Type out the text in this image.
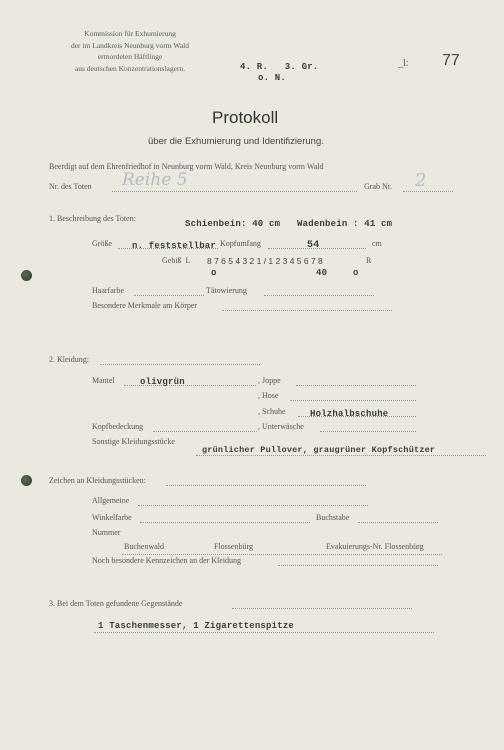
Kommission für Exhumierung
der im Landkreis Neunburg vorm Wald
ermordeten Häftlinge
aus deutschen Konzentrationslagern.	4. R.   3. Gr.
o. N.
_l: 77
Protokoll
über die Exhumierung und Identifizierung.
Beerdigt auf dem Ehrenfriedhof in Neunburg vorm Wald, Kreis Neunburg vorm Wald
Nr. des Toten Reihe 5	Grab Nr. 2
1. Beschreibung des Toten:
Schienbein: 40 cm   Wadenbein : 41 cm
Größe n. feststellbar Kopfumfang	54	cm
Gebiß  L 8 7 6 5 4 3 2 1 / 1 2 3 4 5 6 7 8	R
o	40	o
Haarfarbe	Tätowierung
Besondere Merkmale am Körper
2. Kleidung:
Mantel	olivgrün	, Joppe
, Hose
, Schuhe	Holzhalbschuhe
Kopfbedeckung	, Unterwäsche
Sonstige Kleidungsstücke
grünlicher Pullover, graugrüner Kopfschützer
Zeichen an Kleidungsstücken:
Allgemeine
Winkelfarbe	Buchstabe
Nummer
Buchenwald	Flossenbürg	Evakuierungs-Nr. Flossenbürg
Noch besondere Kennzeichen an der Kleidung
3. Bei dem Toten gefundene Gegenstände
1 Taschenmesser, 1 Zigarettenspitze
